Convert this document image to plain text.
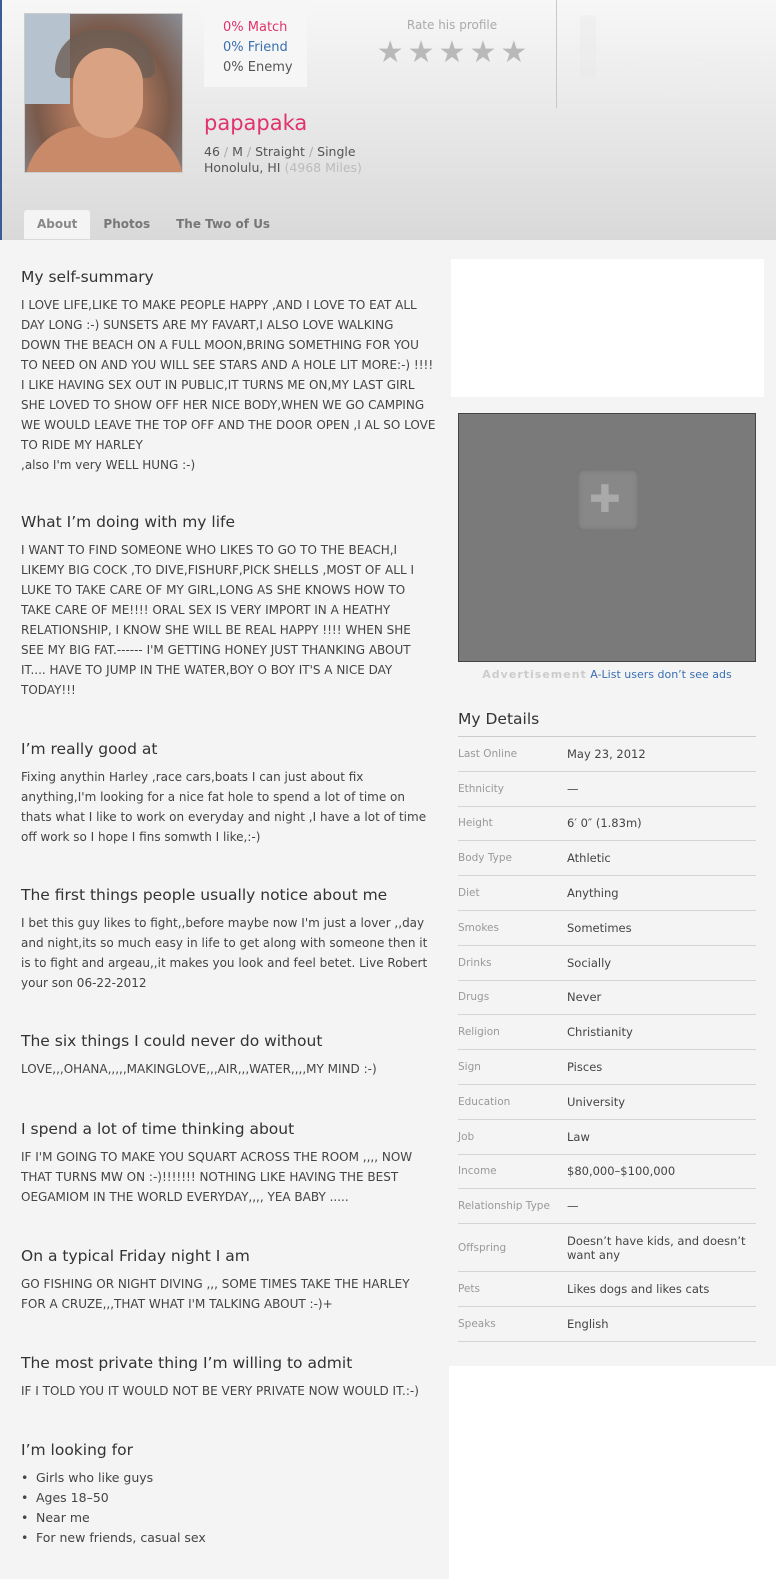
0% Match
0% Friend
0% Enemy
Rate his profile
★ ★ ★ ★ ★
papapaka
46 / M / Straight / Single
Honolulu, HI (4968 Miles)
About	Photos	The Two of Us
My self-summary

I LOVE LIFE,LIKE TO MAKE PEOPLE HAPPY ,AND I LOVE TO EAT ALL DAY LONG :-) SUNSETS ARE MY FAVART,I ALSO LOVE WALKING DOWN THE BEACH ON A FULL MOON,BRING SOMETHING FOR YOU TO NEED ON AND YOU WILL SEE STARS AND A HOLE LIT MORE:-) !!!! I LIKE HAVING SEX OUT IN PUBLIC,IT TURNS ME ON,MY LAST GIRL SHE LOVED TO SHOW OFF HER NICE BODY,WHEN WE GO CAMPING WE WOULD LEAVE THE TOP OFF AND THE DOOR OPEN ,I AL SO LOVE TO RIDE MY HARLEY
,also I'm very WELL HUNG :-)

What I’m doing with my life

I WANT TO FIND SOMEONE WHO LIKES TO GO TO THE BEACH,I LIKEMY BIG COCK ,TO DIVE,FISHURF,PICK SHELLS ,MOST OF ALL I LUKE TO TAKE CARE OF MY GIRL,LONG AS SHE KNOWS HOW TO TAKE CARE OF ME!!!! ORAL SEX IS VERY IMPORT IN A HEATHY RELATIONSHIP, I KNOW SHE WILL BE REAL HAPPY !!!! WHEN SHE SEE MY BIG FAT.------ I'M GETTING HONEY JUST THANKING ABOUT IT.... HAVE TO JUMP IN THE WATER,BOY O BOY IT'S A NICE DAY TODAY!!!

I’m really good at

Fixing anythin Harley ,race cars,boats I can just about fix anything,I'm looking for a nice fat hole to spend a lot of time on thats what I like to work on everyday and night ,I have a lot of time off work so I hope I fins somwth I like,:-)

The first things people usually notice about me

I bet this guy likes to fight,,before maybe now I'm just a lover ,,day and night,its so much easy in life to get along with someone then it is to fight and argeau,,it makes you look and feel betet. Live Robert your son 06-22-2012

The six things I could never do without

LOVE,,,OHANA,,,,,MAKINGLOVE,,,AIR,,,WATER,,,,MY MIND :-)

I spend a lot of time thinking about

IF I'M GOING TO MAKE YOU SQUART ACROSS THE ROOM ,,,, NOW THAT TURNS MW ON :-)!!!!!!! NOTHING LIKE HAVING THE BEST OEGAMIOM IN THE WORLD EVERYDAY,,,, YEA BABY .....

On a typical Friday night I am

GO FISHING OR NIGHT DIVING ,,, SOME TIMES TAKE THE HARLEY FOR A CRUZE,,,THAT WHAT I'M TALKING ABOUT :-)+

The most private thing I’m willing to admit

IF I TOLD YOU IT WOULD NOT BE VERY PRIVATE NOW WOULD IT.:-)

I’m looking for
• Girls who like guys
• Ages 18–50
• Near me
• For new friends, casual sex
✚
Advertisement A-List users don’t see ads
My Details
Last Online	May 23, 2012
Ethnicity	—
Height	6′ 0″ (1.83m)
Body Type	Athletic
Diet	Anything
Smokes	Sometimes
Drinks	Socially
Drugs	Never
Religion	Christianity
Sign	Pisces
Education	University
Job	Law
Income	$80,000–$100,000
Relationship Type	—
Offspring	Doesn’t have kids, and doesn’t want any
Pets	Likes dogs and likes cats
Speaks	English
